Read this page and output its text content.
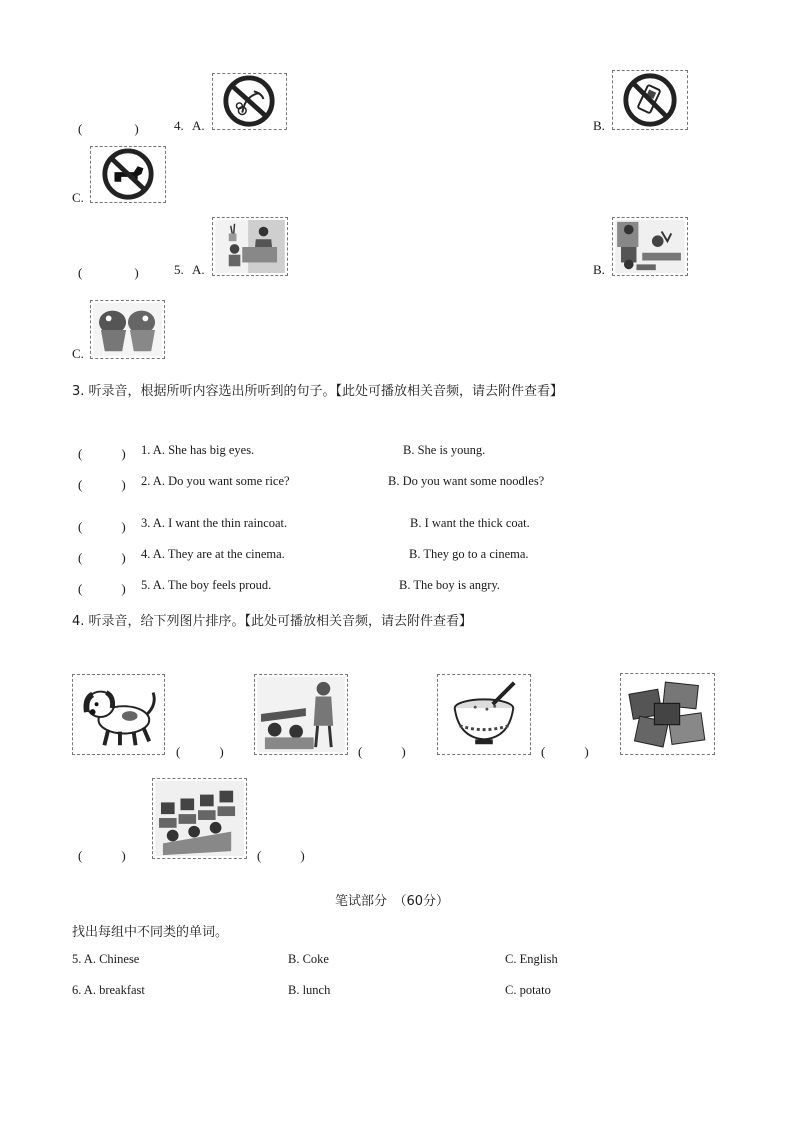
(　　　　)	4. A.	B.
C.
(　　　　)	5. A.	B.
C.
3. 听录音，根据所听内容选出所听到的句子。【此处可播放相关音频，请去附件查看】
(　　　) 1. A. She has big eyes.	B. She is young.
(　　　) 2. A. Do you want some rice?	B. Do you want some noodles?
(　　　) 3. A. I want the thin raincoat.	B. I want the thick coat.
(　　　) 4. A. They are at the cinema.	B. They go to a cinema.
(　　　) 5. A. The boy feels proud.	B. The boy is angry.
4. 听录音，给下列图片排序。【此处可播放相关音频，请去附件查看】
(　　　)	(　　　)	(　　　)
(　　　)	(　　　)
笔试部分　（60分）
找出每组中不同类的单词。
5. A. Chinese	B. Coke	C. English
6. A. breakfast	B. lunch	C. potato
